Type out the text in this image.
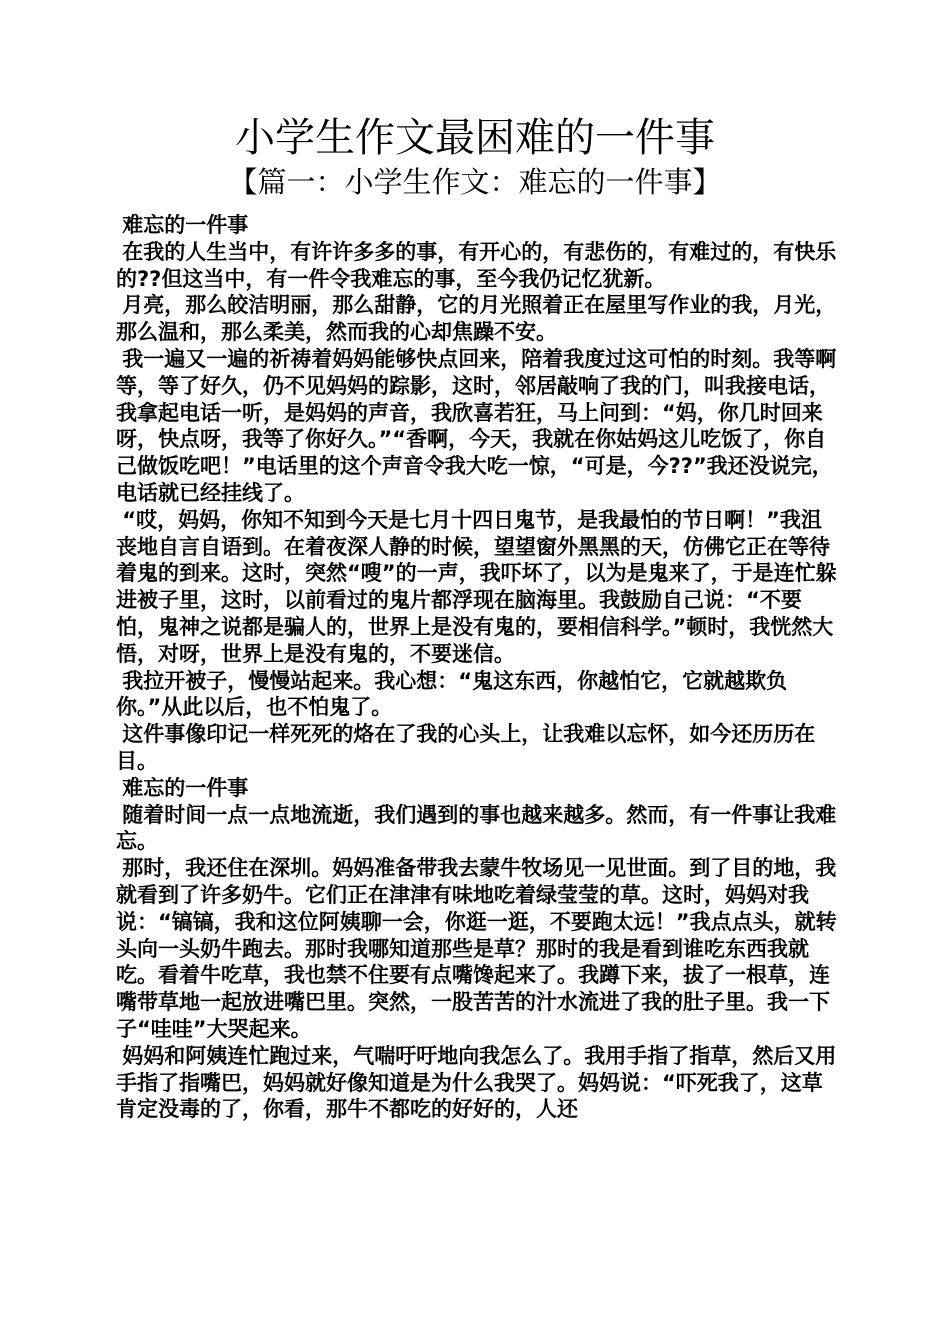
小学生作文最困难的一件事
【篇一：小学生作文：难忘的一件事】

难忘的一件事

在我的人生当中，有许许多多的事，有开心的，有悲伤的，有难过的，有快乐的??但这当中，有一件令我难忘的事，至今我仍记忆犹新。

月亮，那么皎洁明丽，那么甜静，它的月光照着正在屋里写作业的我，月光，那么温和，那么柔美，然而我的心却焦躁不安。

我一遍又一遍的祈祷着妈妈能够快点回来，陪着我度过这可怕的时刻。我等啊等，等了好久，仍不见妈妈的踪影，这时，邻居敲响了我的门，叫我接电话，我拿起电话一听，是妈妈的声音，我欣喜若狂，马上问到：“妈，你几时回来呀，快点呀，我等了你好久。”“香啊，今天，我就在你姑妈这儿吃饭了，你自己做饭吃吧！”电话里的这个声音令我大吃一惊，“可是，今??”我还没说完，电话就已经挂线了。

“哎，妈妈，你知不知到今天是七月十四日鬼节，是我最怕的节日啊！”我沮丧地自言自语到。在着夜深人静的时候，望望窗外黑黑的天，仿佛它正在等待着鬼的到来。这时，突然“嗖”的一声，我吓坏了，以为是鬼来了，于是连忙躲进被子里，这时，以前看过的鬼片都浮现在脑海里。我鼓励自己说：“不要怕，鬼神之说都是骗人的，世界上是没有鬼的，要相信科学。”顿时，我恍然大悟，对呀，世界上是没有鬼的，不要迷信。

我拉开被子，慢慢站起来。我心想：“鬼这东西，你越怕它，它就越欺负你。”从此以后，也不怕鬼了。

这件事像印记一样死死的烙在了我的心头上，让我难以忘怀，如今还历历在目。

难忘的一件事

随着时间一点一点地流逝，我们遇到的事也越来越多。然而，有一件事让我难忘。

那时，我还住在深圳。妈妈准备带我去蒙牛牧场见一见世面。到了目的地，我就看到了许多奶牛。它们正在津津有味地吃着绿莹莹的草。这时，妈妈对我说：“镐镐，我和这位阿姨聊一会，你逛一逛，不要跑太远！”我点点头，就转头向一头奶牛跑去。那时我哪知道那些是草？那时的我是看到谁吃东西我就吃。看着牛吃草，我也禁不住要有点嘴馋起来了。我蹲下来，拔了一根草，连嘴带草地一起放进嘴巴里。突然，一股苦苦的汁水流进了我的肚子里。我一下子“哇哇”大哭起来。

妈妈和阿姨连忙跑过来，气喘吁吁地向我怎么了。我用手指了指草，然后又用手指了指嘴巴，妈妈就好像知道是为什么我哭了。妈妈说：“吓死我了，这草肯定没毒的了，你看，那牛不都吃的好好的，人还
